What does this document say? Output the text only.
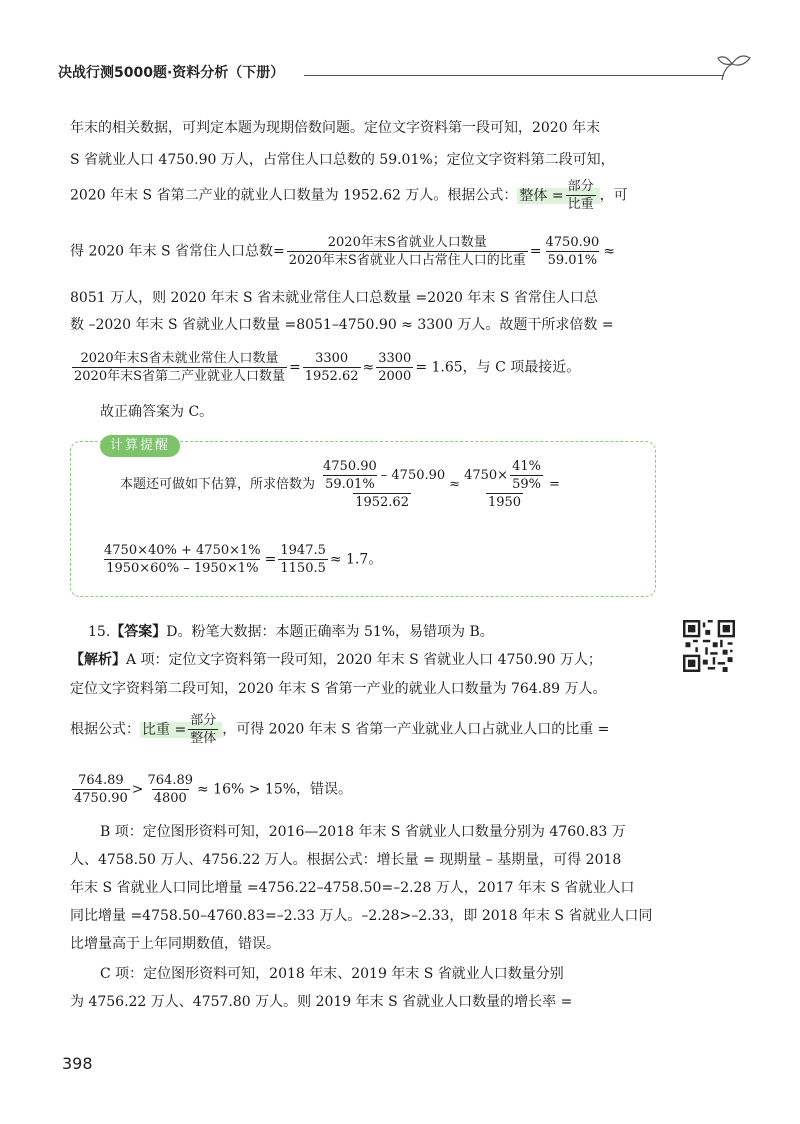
决战行测5000题·资料分析（下册）
年末的相关数据，可判定本题为现期倍数问题。定位文字资料第一段可知，2020 年末
S 省就业人口 4750.90 万人，占常住人口总数的 59.01%；定位文字资料第二段可知，
2020 年末 S 省第二产业的就业人口数量为 1952.62 万人。根据公式： 整体 = $\frac{\text{部分}}{\text{比重}}$ ，可
得 2020 年末 S 省常住人口总数= $\frac{\text{2020年末S省就业人口数量}}{\text{2020年末S省就业人口占常住人口的比重}} = \frac{4750.90}{59.01\%}$ ≈
8051 万人，则 2020 年末 S 省未就业常住人口总数量 =2020 年末 S 省常住人口总
数 –2020 年末 S 省就业人口数量 =8051–4750.90 ≈ 3300 万人。故题干所求倍数 =
$\frac{\text{2020年末S省未就业常住人口数量}}{\text{2020年末S省第二产业就业人口数量}} = \frac{3300}{1952.62} \approx \frac{3300}{2000} = 1.65$，与 C 项最接近。
故正确答案为 C。
计算提醒
本题还可做如下估算，所求倍数为 $\frac{\frac{4750.90}{59.01\%} - 4750.90}{1952.62} \approx \frac{4750\times \frac{41\%}{59\%}}{1950}$ =
$\frac{4750\times 40\% + 4750\times 1\%}{1950\times 60\% - 1950\times 1\%} = \frac{1947.5}{1150.5} \approx 1.7$。
15.【答案】D。粉笔大数据：本题正确率为 51%，易错项为 B。
【解析】A 项：定位文字资料第一段可知，2020 年末 S 省就业人口 4750.90 万人；
定位文字资料第二段可知，2020 年末 S 省第一产业的就业人口数量为 764.89 万人。
根据公式： 比重 = $\frac{\text{部分}}{\text{整体}}$ ，可得 2020 年末 S 省第一产业就业人口占就业人口的比重 =
$\frac{764.89}{4750.90} > \frac{764.89}{4800} \approx 16\% > 15\%$，错误。
B 项：定位图形资料可知，2016—2018 年末 S 省就业人口数量分别为 4760.83 万
人、4758.50 万人、4756.22 万人。根据公式：增长量 = 现期量 – 基期量，可得 2018
年末 S 省就业人口同比增量 =4756.22–4758.50=–2.28 万人，2017 年末 S 省就业人口
同比增量 =4758.50–4760.83=–2.33 万人。–2.28>–2.33，即 2018 年末 S 省就业人口同
比增量高于上年同期数值，错误。
C 项：定位图形资料可知，2018 年末、2019 年末 S 省就业人口数量分别
为 4756.22 万人、4757.80 万人。则 2019 年末 S 省就业人口数量的增长率 =
398
